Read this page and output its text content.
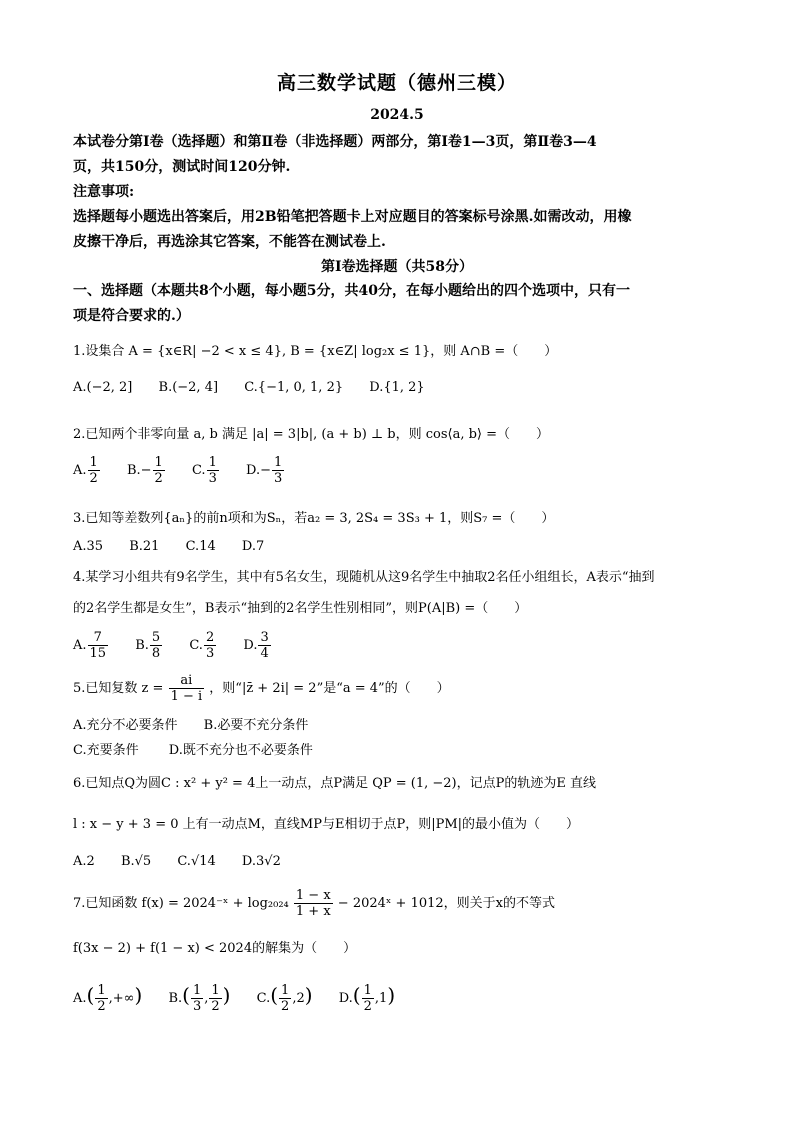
高三数学试题（德州三模）
2024.5
本试卷分第Ⅰ卷（选择题）和第Ⅱ卷（非选择题）两部分，第Ⅰ卷1—3页，第Ⅱ卷3—4
页，共150分，测试时间120分钟.
注意事项:
选择题每小题选出答案后，用2B铅笔把答题卡上对应题目的答案标号涂黑.如需改动，用橡
皮擦干净后，再选涂其它答案，不能答在测试卷上.
第Ⅰ卷选择题（共58分）
一、选择题（本题共8个小题，每小题5分，共40分，在每小题给出的四个选项中，只有一
项是符合要求的.）
1.设集合 A = {x∈R| −2 < x ≤ 4}, B = {x∈Z| log₂x ≤ 1}，则 A∩B =（　　）
A.(−2, 2] B.(−2, 4] C.{−1, 0, 1, 2} D.{1, 2}
2.已知两个非零向量 a, b 满足 |a| = 3|b|, (a + b) ⊥ b，则 cos⟨a, b⟩ =（　　）
A. $\frac{1}{2} B.- \frac{1}{2} C$. $\frac{1}{3} D.- \frac{1}{3}$
3.已知等差数列{aₙ}的前n项和为Sₙ，若a₂ = 3, 2S₄ = 3S₃ + 1，则S₇ =（　　）
A.35 B.21 C.14 D.7
4.某学习小组共有9名学生，其中有5名女生，现随机从这9名学生中抽取2名任小组组长，A表示“抽到
的2名学生都是女生”，B表示“抽到的2名学生性别相同”，则P(A|B) =（　　）
A. $\frac{7}{15} B$. $\frac{5}{8} C$. $\frac{2}{3} D$. $\frac{3}{4}$
5.已知复数 $z = \frac{ai}{1 - i}$ ，则“|z̄ + 2i| = 2”是“a = 4”的（　　）
A.充分不必要条件 B.必要不充分条件
C.充要条件 D.既不充分也不必要条件
6.已知点Q为圆C : x² + y² = 4上一动点，点P满足 QP = (1, −2)，记点P的轨迹为E 直线
l : x − y + 3 = 0 上有一动点M，直线MP与E相切于点P，则|PM|的最小值为（　　）
A.2 B.√5 C.√14 D.3√2
7.已知函数 f(x) = 2024⁻ˣ + $\log_{2024} \frac{1 - x}{1 + x}$ − 2024ˣ + 1012，则关于x的不等式
f(3x − 2) + f(1 − x) < 2024的解集为（　　）
$A.( \frac{1}{2}$ ,+∞) $B.( \frac{1}{3}$ , $\frac{1}{2}$ ) $C.( \frac{1}{2} ,2)$ $D.( \frac{1}{2} ,1)$
